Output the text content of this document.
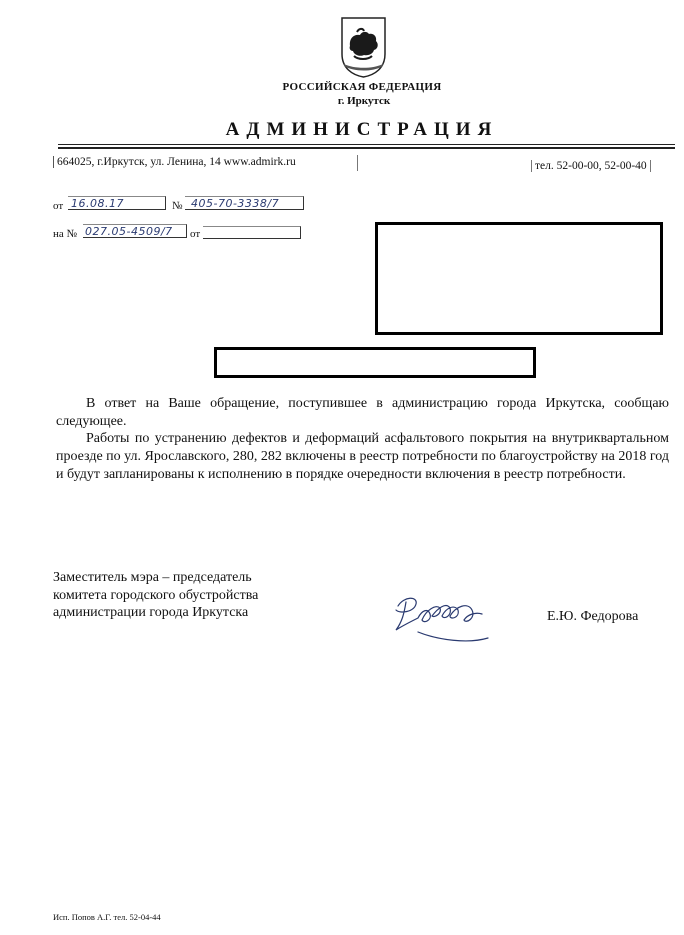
РОССИЙСКАЯ ФЕДЕРАЦИЯ
г. Иркутск
АДМИНИСТРАЦИЯ
664025, г.Иркутск, ул. Ленина, 14 www.admirk.ru	тел. 52-00-00, 52-00-40
от 16.08.17	№ 405-70-3338/7
на № 027.05-4509/7	от

В ответ на Ваше обращение, поступившее в администрацию города Иркутска, сообщаю следующее.

Работы по устранению дефектов и деформаций асфальтового покрытия на внутриквартальном проезде по ул. Ярославского, 280, 282 включены в реестр потребности по благоустройству на 2018 год и будут запланированы к исполнению в порядке очередности включения в реестр потребности.

Заместитель мэра – председатель
комитета городского обустройства
администрации города Иркутска	Е.Ю. Федорова
Исп. Попов А.Г. тел. 52-04-44
